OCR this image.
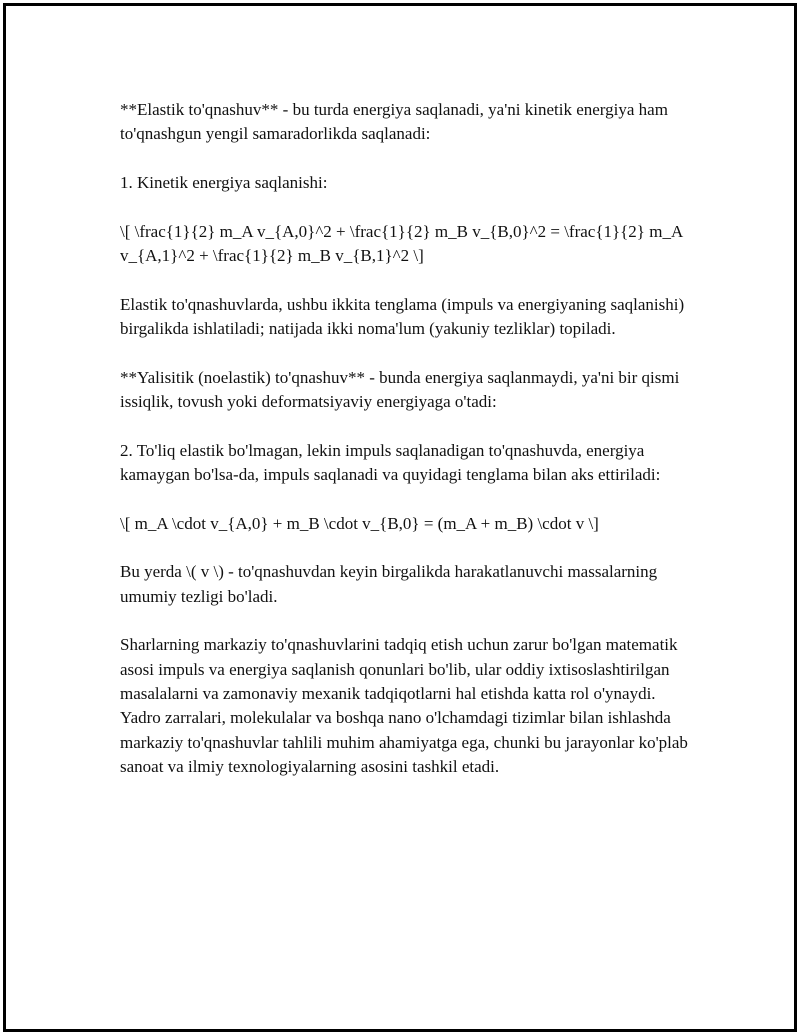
**Elastik to'qnashuv** - bu turda energiya saqlanadi, ya'ni kinetik energiya ham to'qnashgun yengil samaradorlikda saqlanadi:

1. Kinetik energiya saqlanishi:

\[ \frac{1}{2} m_A v_{A,0}^2 + \frac{1}{2} m_B v_{B,0}^2 = \frac{1}{2} m_A v_{A,1}^2 + \frac{1}{2} m_B v_{B,1}^2 \]

Elastik to'qnashuvlarda, ushbu ikkita tenglama (impuls va energiyaning saqlanishi) birgalikda ishlatiladi; natijada ikki noma'lum (yakuniy tezliklar) topiladi.

**Yalisitik (noelastik) to'qnashuv** - bunda energiya saqlanmaydi, ya'ni bir qismi issiqlik, tovush yoki deformatsiyaviy energiyaga o'tadi:

2. To'liq elastik bo'lmagan, lekin impuls saqlanadigan to'qnashuvda, energiya kamaygan bo'lsa-da, impuls saqlanadi va quyidagi tenglama bilan aks ettiriladi:

\[ m_A \cdot v_{A,0} + m_B \cdot v_{B,0} = (m_A + m_B) \cdot v \]

Bu yerda \( v \) - to'qnashuvdan keyin birgalikda harakatlanuvchi massalarning umumiy tezligi bo'ladi.

Sharlarning markaziy to'qnashuvlarini tadqiq etish uchun zarur bo'lgan matematik asosi impuls va energiya saqlanish qonunlari bo'lib, ular oddiy ixtisoslashtirilgan masalalarni va zamonaviy mexanik tadqiqotlarni hal etishda katta rol o'ynaydi. Yadro zarralari, molekulalar va boshqa nano o'lchamdagi tizimlar bilan ishlashda markaziy to'qnashuvlar tahlili muhim ahamiyatga ega, chunki bu jarayonlar ko'plab sanoat va ilmiy texnologiyalarning asosini tashkil etadi.
